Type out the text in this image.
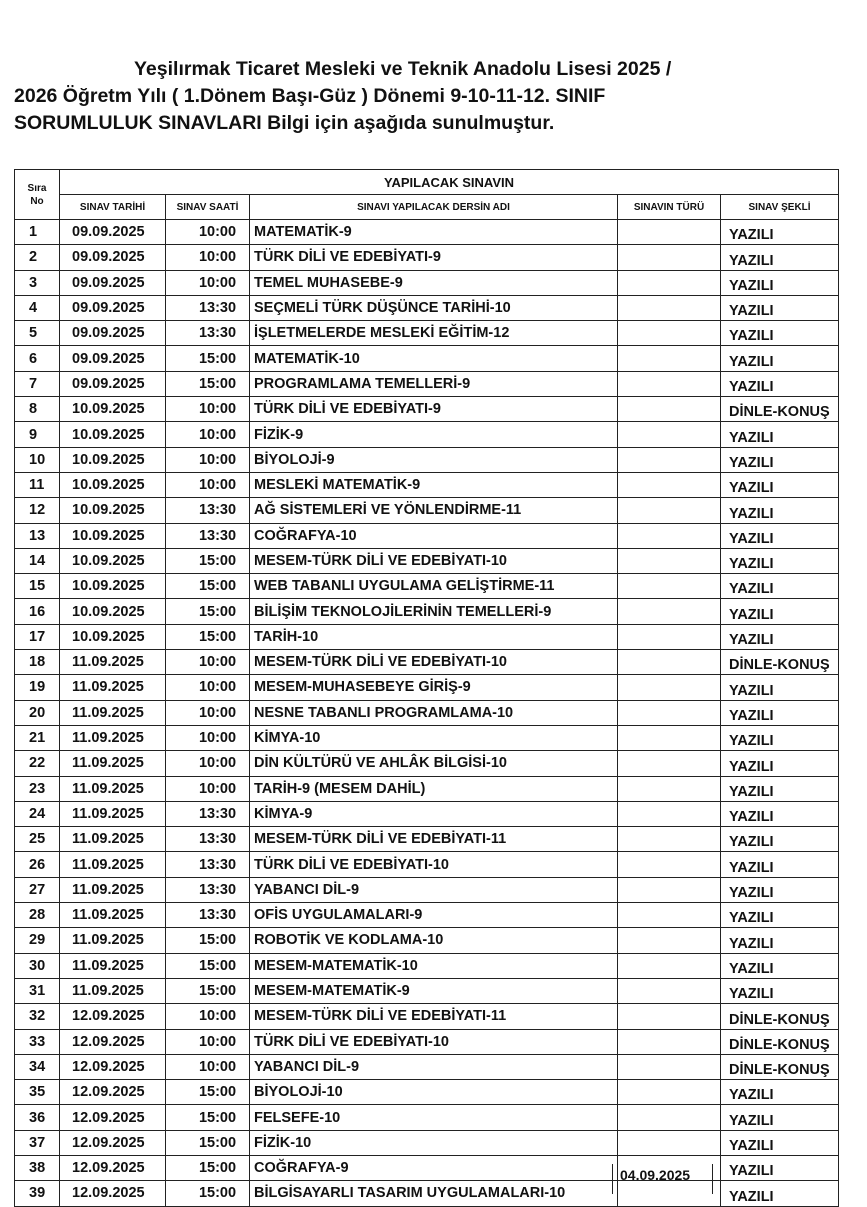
Yeşilırmak Ticaret Mesleki ve Teknik Anadolu Lisesi 2025 /
2026 Öğretm Yılı ( 1.Dönem Başı-Güz ) Dönemi 9-10-11-12. SINIF
SORUMLULUK SINAVLARI Bilgi için aşağıda sunulmuştur.
Sıra
No	YAPILACAK SINAVIN				
	SINAV TARİHİ	SINAV SAATİ	SINAVI YAPILACAK DERSİN ADI	SINAVIN TÜRÜ	SINAV ŞEKLİ
1	09.09.2025	10:00	MATEMATİK-9		YAZILI
2	09.09.2025	10:00	TÜRK DİLİ VE EDEBİYATI-9		YAZILI
3	09.09.2025	10:00	TEMEL MUHASEBE-9		YAZILI
4	09.09.2025	13:30	SEÇMELİ TÜRK DÜŞÜNCE TARİHİ-10		YAZILI
5	09.09.2025	13:30	İŞLETMELERDE MESLEKİ EĞİTİM-12		YAZILI
6	09.09.2025	15:00	MATEMATİK-10		YAZILI
7	09.09.2025	15:00	PROGRAMLAMA TEMELLERİ-9		YAZILI
8	10.09.2025	10:00	TÜRK DİLİ VE EDEBİYATI-9		DİNLE-KONUŞ
9	10.09.2025	10:00	FİZİK-9		YAZILI
10	10.09.2025	10:00	BİYOLOJİ-9		YAZILI
11	10.09.2025	10:00	MESLEKİ MATEMATİK-9		YAZILI
12	10.09.2025	13:30	AĞ SİSTEMLERİ VE YÖNLENDİRME-11		YAZILI
13	10.09.2025	13:30	COĞRAFYA-10		YAZILI
14	10.09.2025	15:00	MESEM-TÜRK DİLİ VE EDEBİYATI-10		YAZILI
15	10.09.2025	15:00	WEB TABANLI UYGULAMA GELİŞTİRME-11		YAZILI
16	10.09.2025	15:00	BİLİŞİM TEKNOLOJİLERİNİN TEMELLERİ-9		YAZILI
17	10.09.2025	15:00	TARİH-10		YAZILI
18	11.09.2025	10:00	MESEM-TÜRK DİLİ VE EDEBİYATI-10		DİNLE-KONUŞ
19	11.09.2025	10:00	MESEM-MUHASEBEYE GİRİŞ-9		YAZILI
20	11.09.2025	10:00	NESNE TABANLI PROGRAMLAMA-10		YAZILI
21	11.09.2025	10:00	KİMYA-10		YAZILI
22	11.09.2025	10:00	DİN KÜLTÜRÜ VE AHLÂK BİLGİSİ-10		YAZILI
23	11.09.2025	10:00	TARİH-9 (MESEM DAHİL)		YAZILI
24	11.09.2025	13:30	KİMYA-9		YAZILI
25	11.09.2025	13:30	MESEM-TÜRK DİLİ VE EDEBİYATI-11		YAZILI
26	11.09.2025	13:30	TÜRK DİLİ VE EDEBİYATI-10		YAZILI
27	11.09.2025	13:30	YABANCI DİL-9		YAZILI
28	11.09.2025	13:30	OFİS UYGULAMALARI-9		YAZILI
29	11.09.2025	15:00	ROBOTİK VE KODLAMA-10		YAZILI
30	11.09.2025	15:00	MESEM-MATEMATİK-10		YAZILI
31	11.09.2025	15:00	MESEM-MATEMATİK-9		YAZILI
32	12.09.2025	10:00	MESEM-TÜRK DİLİ VE EDEBİYATI-11		DİNLE-KONUŞ
33	12.09.2025	10:00	TÜRK DİLİ VE EDEBİYATI-10		DİNLE-KONUŞ
34	12.09.2025	10:00	YABANCI DİL-9		DİNLE-KONUŞ
35	12.09.2025	15:00	BİYOLOJİ-10		YAZILI
36	12.09.2025	15:00	FELSEFE-10		YAZILI
37	12.09.2025	15:00	FİZİK-10		YAZILI
38	12.09.2025	15:00	COĞRAFYA-9		YAZILI
39	12.09.2025	15:00	BİLGİSAYARLI TASARIM UYGULAMALARI-10		YAZILI
04.09.2025
